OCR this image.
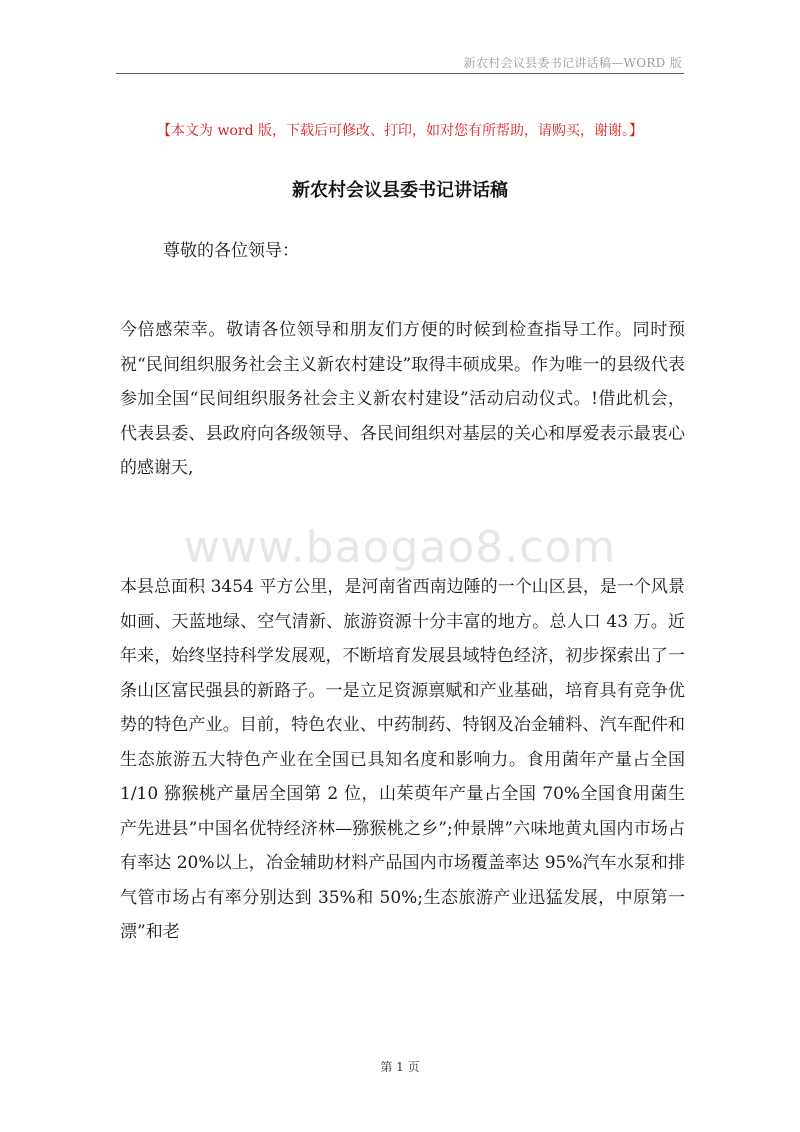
新农村会议县委书记讲话稿—WORD 版
【本文为 word 版，下载后可修改、打印，如对您有所帮助，请购买，谢谢。】
新农村会议县委书记讲话稿
尊敬的各位领导：

今倍感荣幸。敬请各位领导和朋友们方便的时候到检查指导工作。同时预祝“民间组织服务社会主义新农村建设”取得丰硕成果。作为唯一的县级代表参加全国“民间组织服务社会主义新农村建设”活动启动仪式。!借此机会，代表县委、县政府向各级领导、各民间组织对基层的关心和厚爱表示最衷心的感谢天,

www.baogao8.com

本县总面积 3454 平方公里，是河南省西南边陲的一个山区县，是一个风景如画、天蓝地绿、空气清新、旅游资源十分丰富的地方。总人口 43 万。近年来，始终坚持科学发展观，不断培育发展县域特色经济，初步探索出了一条山区富民强县的新路子。一是立足资源禀赋和产业基础，培育具有竞争优势的特色产业。目前，特色农业、中药制药、特钢及冶金辅料、汽车配件和生态旅游五大特色产业在全国已具知名度和影响力。食用菌年产量占全国 1/10 猕猴桃产量居全国第 2 位，山茱萸年产量占全国 70%全国食用菌生产先进县”中国名优特经济林—猕猴桃之乡”;仲景牌”六味地黄丸国内市场占有率达 20%以上，冶金辅助材料产品国内市场覆盖率达 95%汽车水泵和排气管市场占有率分别达到 35%和 50%;生态旅游产业迅猛发展，中原第一漂”和老

第 1 页
